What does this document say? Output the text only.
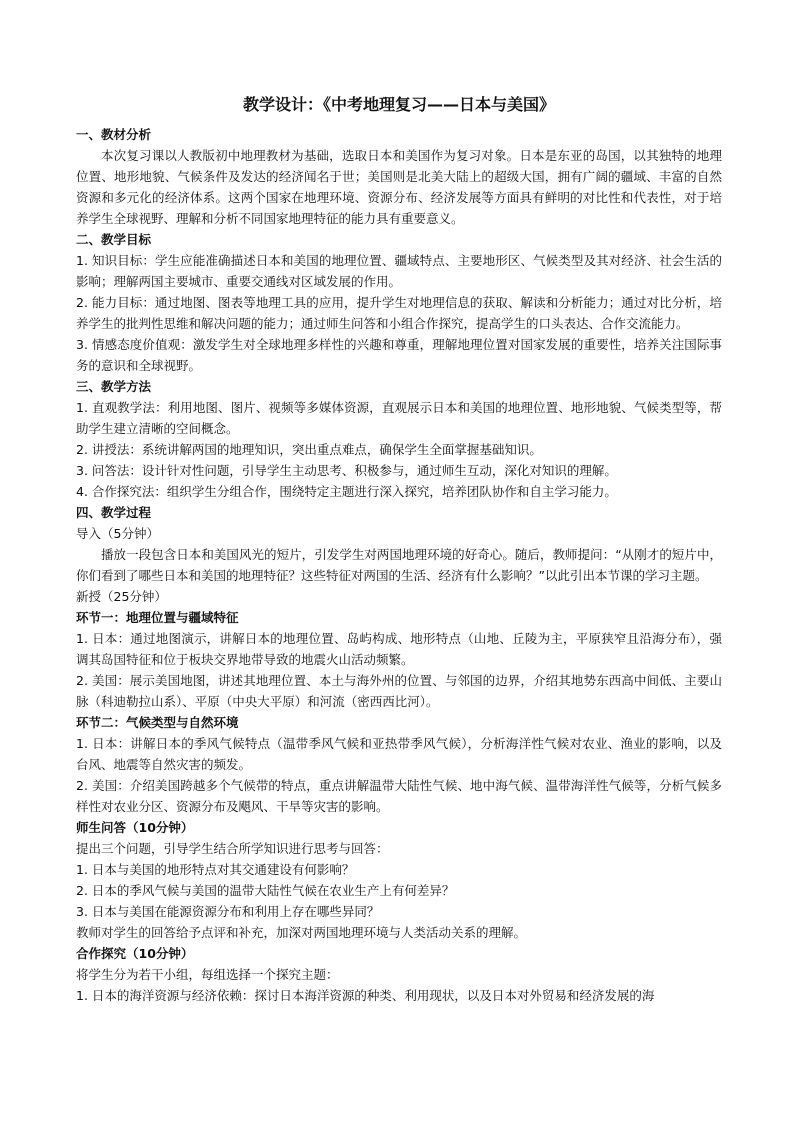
教学设计：《中考地理复习——日本与美国》
一、教材分析

本次复习课以人教版初中地理教材为基础，选取日本和美国作为复习对象。日本是东亚的岛国，以其独特的地理位置、地形地貌、气候条件及发达的经济闻名于世；美国则是北美大陆上的超级大国，拥有广阔的疆域、丰富的自然资源和多元化的经济体系。这两个国家在地理环境、资源分布、经济发展等方面具有鲜明的对比性和代表性，对于培养学生全球视野、理解和分析不同国家地理特征的能力具有重要意义。

二、教学目标

1. 知识目标：学生应能准确描述日本和美国的地理位置、疆域特点、主要地形区、气候类型及其对经济、社会生活的影响；理解两国主要城市、重要交通线对区域发展的作用。

2. 能力目标：通过地图、图表等地理工具的应用，提升学生对地理信息的获取、解读和分析能力；通过对比分析，培养学生的批判性思维和解决问题的能力；通过师生问答和小组合作探究，提高学生的口头表达、合作交流能力。

3. 情感态度价值观：激发学生对全球地理多样性的兴趣和尊重，理解地理位置对国家发展的重要性，培养关注国际事务的意识和全球视野。

三、教学方法

1. 直观教学法：利用地图、图片、视频等多媒体资源，直观展示日本和美国的地理位置、地形地貌、气候类型等，帮助学生建立清晰的空间概念。

2. 讲授法：系统讲解两国的地理知识，突出重点难点，确保学生全面掌握基础知识。

3. 问答法：设计针对性问题，引导学生主动思考、积极参与，通过师生互动，深化对知识的理解。

4. 合作探究法：组织学生分组合作，围绕特定主题进行深入探究，培养团队协作和自主学习能力。

四、教学过程

导入（5分钟）

播放一段包含日本和美国风光的短片，引发学生对两国地理环境的好奇心。随后，教师提问：“从刚才的短片中，你们看到了哪些日本和美国的地理特征？这些特征对两国的生活、经济有什么影响？”以此引出本节课的学习主题。

新授（25分钟）

环节一：地理位置与疆域特征

1. 日本：通过地图演示，讲解日本的地理位置、岛屿构成、地形特点（山地、丘陵为主，平原狭窄且沿海分布），强调其岛国特征和位于板块交界地带导致的地震火山活动频繁。

2. 美国：展示美国地图，讲述其地理位置、本土与海外州的位置、与邻国的边界，介绍其地势东西高中间低、主要山脉（科迪勒拉山系）、平原（中央大平原）和河流（密西西比河）。

环节二：气候类型与自然环境

1. 日本：讲解日本的季风气候特点（温带季风气候和亚热带季风气候），分析海洋性气候对农业、渔业的影响，以及台风、地震等自然灾害的频发。

2. 美国：介绍美国跨越多个气候带的特点，重点讲解温带大陆性气候、地中海气候、温带海洋性气候等，分析气候多样性对农业分区、资源分布及飓风、干旱等灾害的影响。

师生问答（10分钟）

提出三个问题，引导学生结合所学知识进行思考与回答：

1. 日本与美国的地形特点对其交通建设有何影响？

2. 日本的季风气候与美国的温带大陆性气候在农业生产上有何差异？

3. 日本与美国在能源资源分布和利用上存在哪些异同？

教师对学生的回答给予点评和补充，加深对两国地理环境与人类活动关系的理解。

合作探究（10分钟）

将学生分为若干小组，每组选择一个探究主题：

1. 日本的海洋资源与经济依赖：探讨日本海洋资源的种类、利用现状，以及日本对外贸易和经济发展的海
